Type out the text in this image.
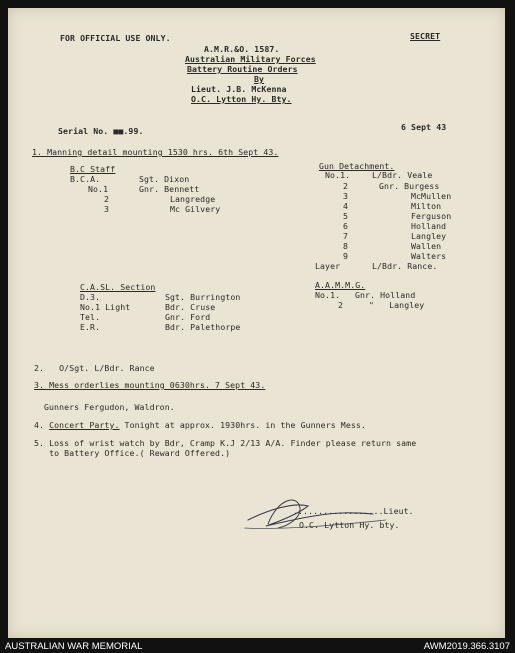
FOR OFFICIAL USE ONLY.	SECRET
A.M.R.&O. 1587.
Australian Military Forces
Battery Routine Orders
By
Lieut. J.B. McKenna
O.C. Lytton Hy. Bty.
Serial No. ■■.99.	6 Sept 43
1. Manning detail mounting 1530 hrs. 6th Sept 43.
B.C Staff
B.C.A.	Sgt. Dixon
No.1	Gnr. Bennett
2	Langredge
3	Mc Gilvery
Gun Detachment.
No.1.	L/Bdr. Veale
2	Gnr. Burgess
3	McMullen
4	Milton
5	Ferguson
6	Holland
7	Langley
8	Wallen
9	Walters
Layer	L/Bdr. Rance.
C.A.SL. Section
D.3.	Sgt. Burrington
No.1 Light	Bdr. Cruse
Tel.	Gnr. Ford
E.R.	Bdr. Palethorpe
A.A.M.M.G.
No.1. Gnr. Holland
2	"   Langley
2.   O/Sgt. L/Bdr. Rance
3. Mess orderlies mounting 0630hrs. 7 Sept 43.
Gunners Fergudon, Waldron.
4. Concert Party. Tonight at approx. 1930hrs. in the Gunners Mess.
5. Loss of wrist watch by Bdr, Cramp K.J 2/13 A/A. Finder please return same
to Battery Office.( Reward Offered.)
..................Lieut.
O.C. Lytton Hy. bty.
AUSTRALIAN WAR MEMORIAL	AWM2019.366.3107
